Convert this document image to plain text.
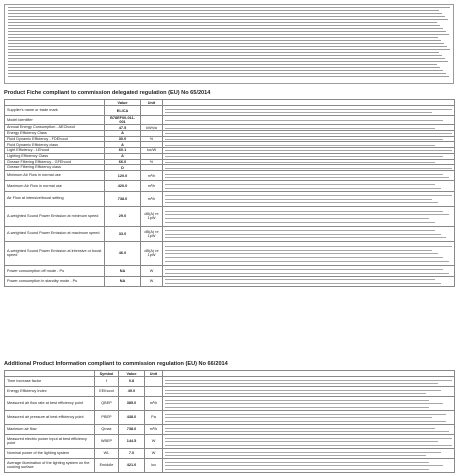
Product Fiche compliant to commission delegated regulation (EU) No 65/2014
	Value	Unit	
Supplier's name or trade mark	ELICA		

Model identifier	B78EF00-011-001		

Annual Energy Consumption - AEChood	47.5	kWh/a	

Energy Efficiency Class	A		

Fluid Dynamic Efficiency - FDEhood	30.0	%	

Fluid Dynamic Efficiency class	A		

Light Efficiency - LEhood	60.1	lux/W	

Lighting Efficiency Class	A		

Grease Filtering Efficiency - GFEhood	66.0	%	

Grease Filtering Efficiency class	D		

Minimum Air Flow in normal use	120.0	m³/h	

Maximum Air Flow in normal use	420.0	m³/h	

Air Flow at intensive/boost setting	738.0	m³/h	

A-weighted Sound Power Emission at minimum speed	29.0	dB(A) re 1pW	

A-weighted Sound Power Emission at maximum speed	33.0	dB(A) re 1pW	

A-weighted Sound Power Emission at intensive or boost speed	46.0	dB(A) re 1pW	

Power consumption off mode - Po	NA	W	

Power consumption in standby mode - Ps	NA	W	
Additional Product Information compliant to commission regulation (EU) No 66/2014
	Symbol	Value	Unit	
Time increase factor	f	0.8		

Energy Efficiency Index	EEIhood	49.0		

Measured air flow rate at best efficiency point	QBEP	385.0	m³/h	

Measured air pressure at best efficiency point	PBEP	438.0	Pa	

Maximum air flow	Qmax	738.0	m³/h	

Measured electric power input at best efficiency point	WBEP	144.5	W	

Nominal power of the lighting system	WL	7.0	W	

Average illumination of the lighting system on the cooking surface	Emiddle	421.0	lux	
